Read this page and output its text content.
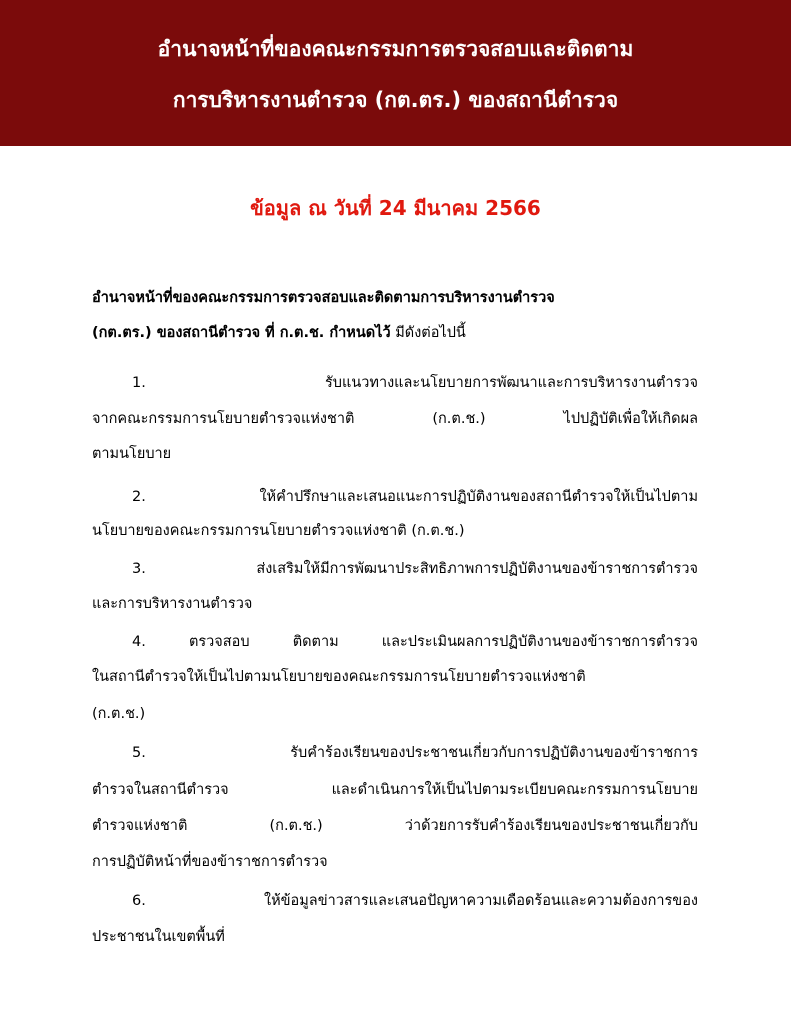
อำนาจหน้าที่ของคณะกรรมการตรวจสอบและติดตาม
การบริหารงานตำรวจ (กต.ตร.) ของสถานีตำรวจ
ข้อมูล ณ วันที่ 24 มีนาคม 2566
อำนาจหน้าที่ของคณะกรรมการตรวจสอบและติดตามการบริหารงานตำรวจ
(กต.ตร.) ของสถานีตำรวจ ที่ ก.ต.ช. กำหนดไว้ มีดังต่อไปนี้
1. รับแนวทางและนโยบายการพัฒนาและการบริหารงานตำรวจ
จากคณะกรรมการนโยบายตำรวจแห่งชาติ (ก.ต.ช.) ไปปฏิบัติเพื่อให้เกิดผล
ตามนโยบาย
2. ให้คำปรึกษาและเสนอแนะการปฏิบัติงานของสถานีตำรวจให้เป็นไปตาม
นโยบายของคณะกรรมการนโยบายตำรวจแห่งชาติ (ก.ต.ช.)
3. ส่งเสริมให้มีการพัฒนาประสิทธิภาพการปฏิบัติงานของข้าราชการตำรวจ
และการบริหารงานตำรวจ
4. ตรวจสอบ ติดตาม และประเมินผลการปฏิบัติงานของข้าราชการตำรวจ
ในสถานีตำรวจให้เป็นไปตามนโยบายของคณะกรรมการนโยบายตำรวจแห่งชาติ
(ก.ต.ช.)
5. รับคำร้องเรียนของประชาชนเกี่ยวกับการปฏิบัติงานของข้าราชการ
ตำรวจในสถานีตำรวจ และดำเนินการให้เป็นไปตามระเบียบคณะกรรมการนโยบาย
ตำรวจแห่งชาติ (ก.ต.ช.) ว่าด้วยการรับคำร้องเรียนของประชาชนเกี่ยวกับ
การปฏิบัติหน้าที่ของข้าราชการตำรวจ
6. ให้ข้อมูลข่าวสารและเสนอปัญหาความเดือดร้อนและความต้องการของ
ประชาชนในเขตพื้นที่
